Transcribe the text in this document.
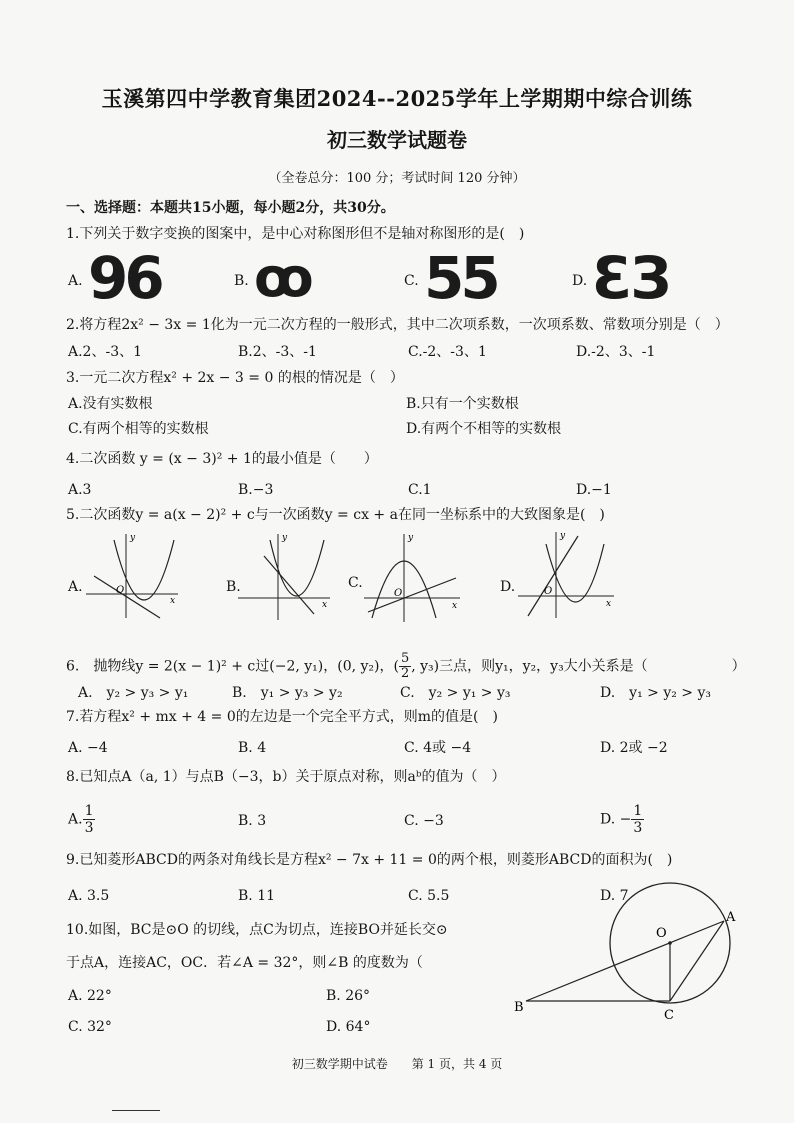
玉溪第四中学教育集团2024--2025学年上学期期中综合训练
初三数学试题卷
（全卷总分：100 分；考试时间 120 分钟）
一、选择题：本题共15小题，每小题2分，共30分。
1.下列关于数字变换的图案中，是中心对称图形但不是轴对称图形的是(　)
A. 96	B. ꝏ	C. 55	D. ƐЗ
2.将方程2x² − 3x = 1化为一元二次方程的一般形式，其中二次项系数，一次项系数、常数项分别是（　）
A.2、-3、1	B.2、-3、-1	C.-2、-3、1	D.-2、3、-1
3.一元二次方程x² + 2x − 3 = 0 的根的情况是（　）
A.没有实数根	B.只有一个实数根
C.有两个相等的实数根	D.有两个不相等的实数根
4.二次函数 y = (x − 3)² + 1的最小值是（　　）
A.3	B.−3	C.1	D.−1
5.二次函数y = a(x − 2)² + c与一次函数y = cx + a在同一坐标系中的大致图象是(　)
A.	B.	C.	D.
y
x
O
y
x
y
x
O
y
x
O
6.　抛物线y = 2(x − 1)² + c过(−2, y₁)，(0, y₂)，( $\frac{5}{2}$ , y₃)三点，则y₁，y₂，y₃大小关系是（　　　　　　）
A.　y₂ > y₃ > y₁	B.　y₁ > y₃ > y₂	C.　y₂ > y₁ > y₃	D.　y₁ > y₂ > y₃
7.若方程x² + mx + 4 = 0的左边是一个完全平方式，则m的值是(　)
A. −4	B. 4	C. 4或 −4	D. 2或 −2
8.已知点A（a, 1）与点B（−3，b）关于原点对称，则aᵇ的值为（　）
A. $\frac{1}{3}$	B. 3	C. −3	D. − $\frac{1}{3}$
9.已知菱形ABCD的两条对角线长是方程x² − 7x + 11 = 0的两个根，则菱形ABCD的面积为(　)
A. 3.5	B. 11	C. 5.5	D. 7
10.如图，BC是⊙O 的切线，点C为切点，连接BO并延长交⊙
于点A，连接AC，OC．若∠A = 32°，则∠B 的度数为（
A. 22°	B. 26°
C. 32°	D. 64°
O
A
B
C
初三数学期中试卷　　第 1 页，共 4 页
